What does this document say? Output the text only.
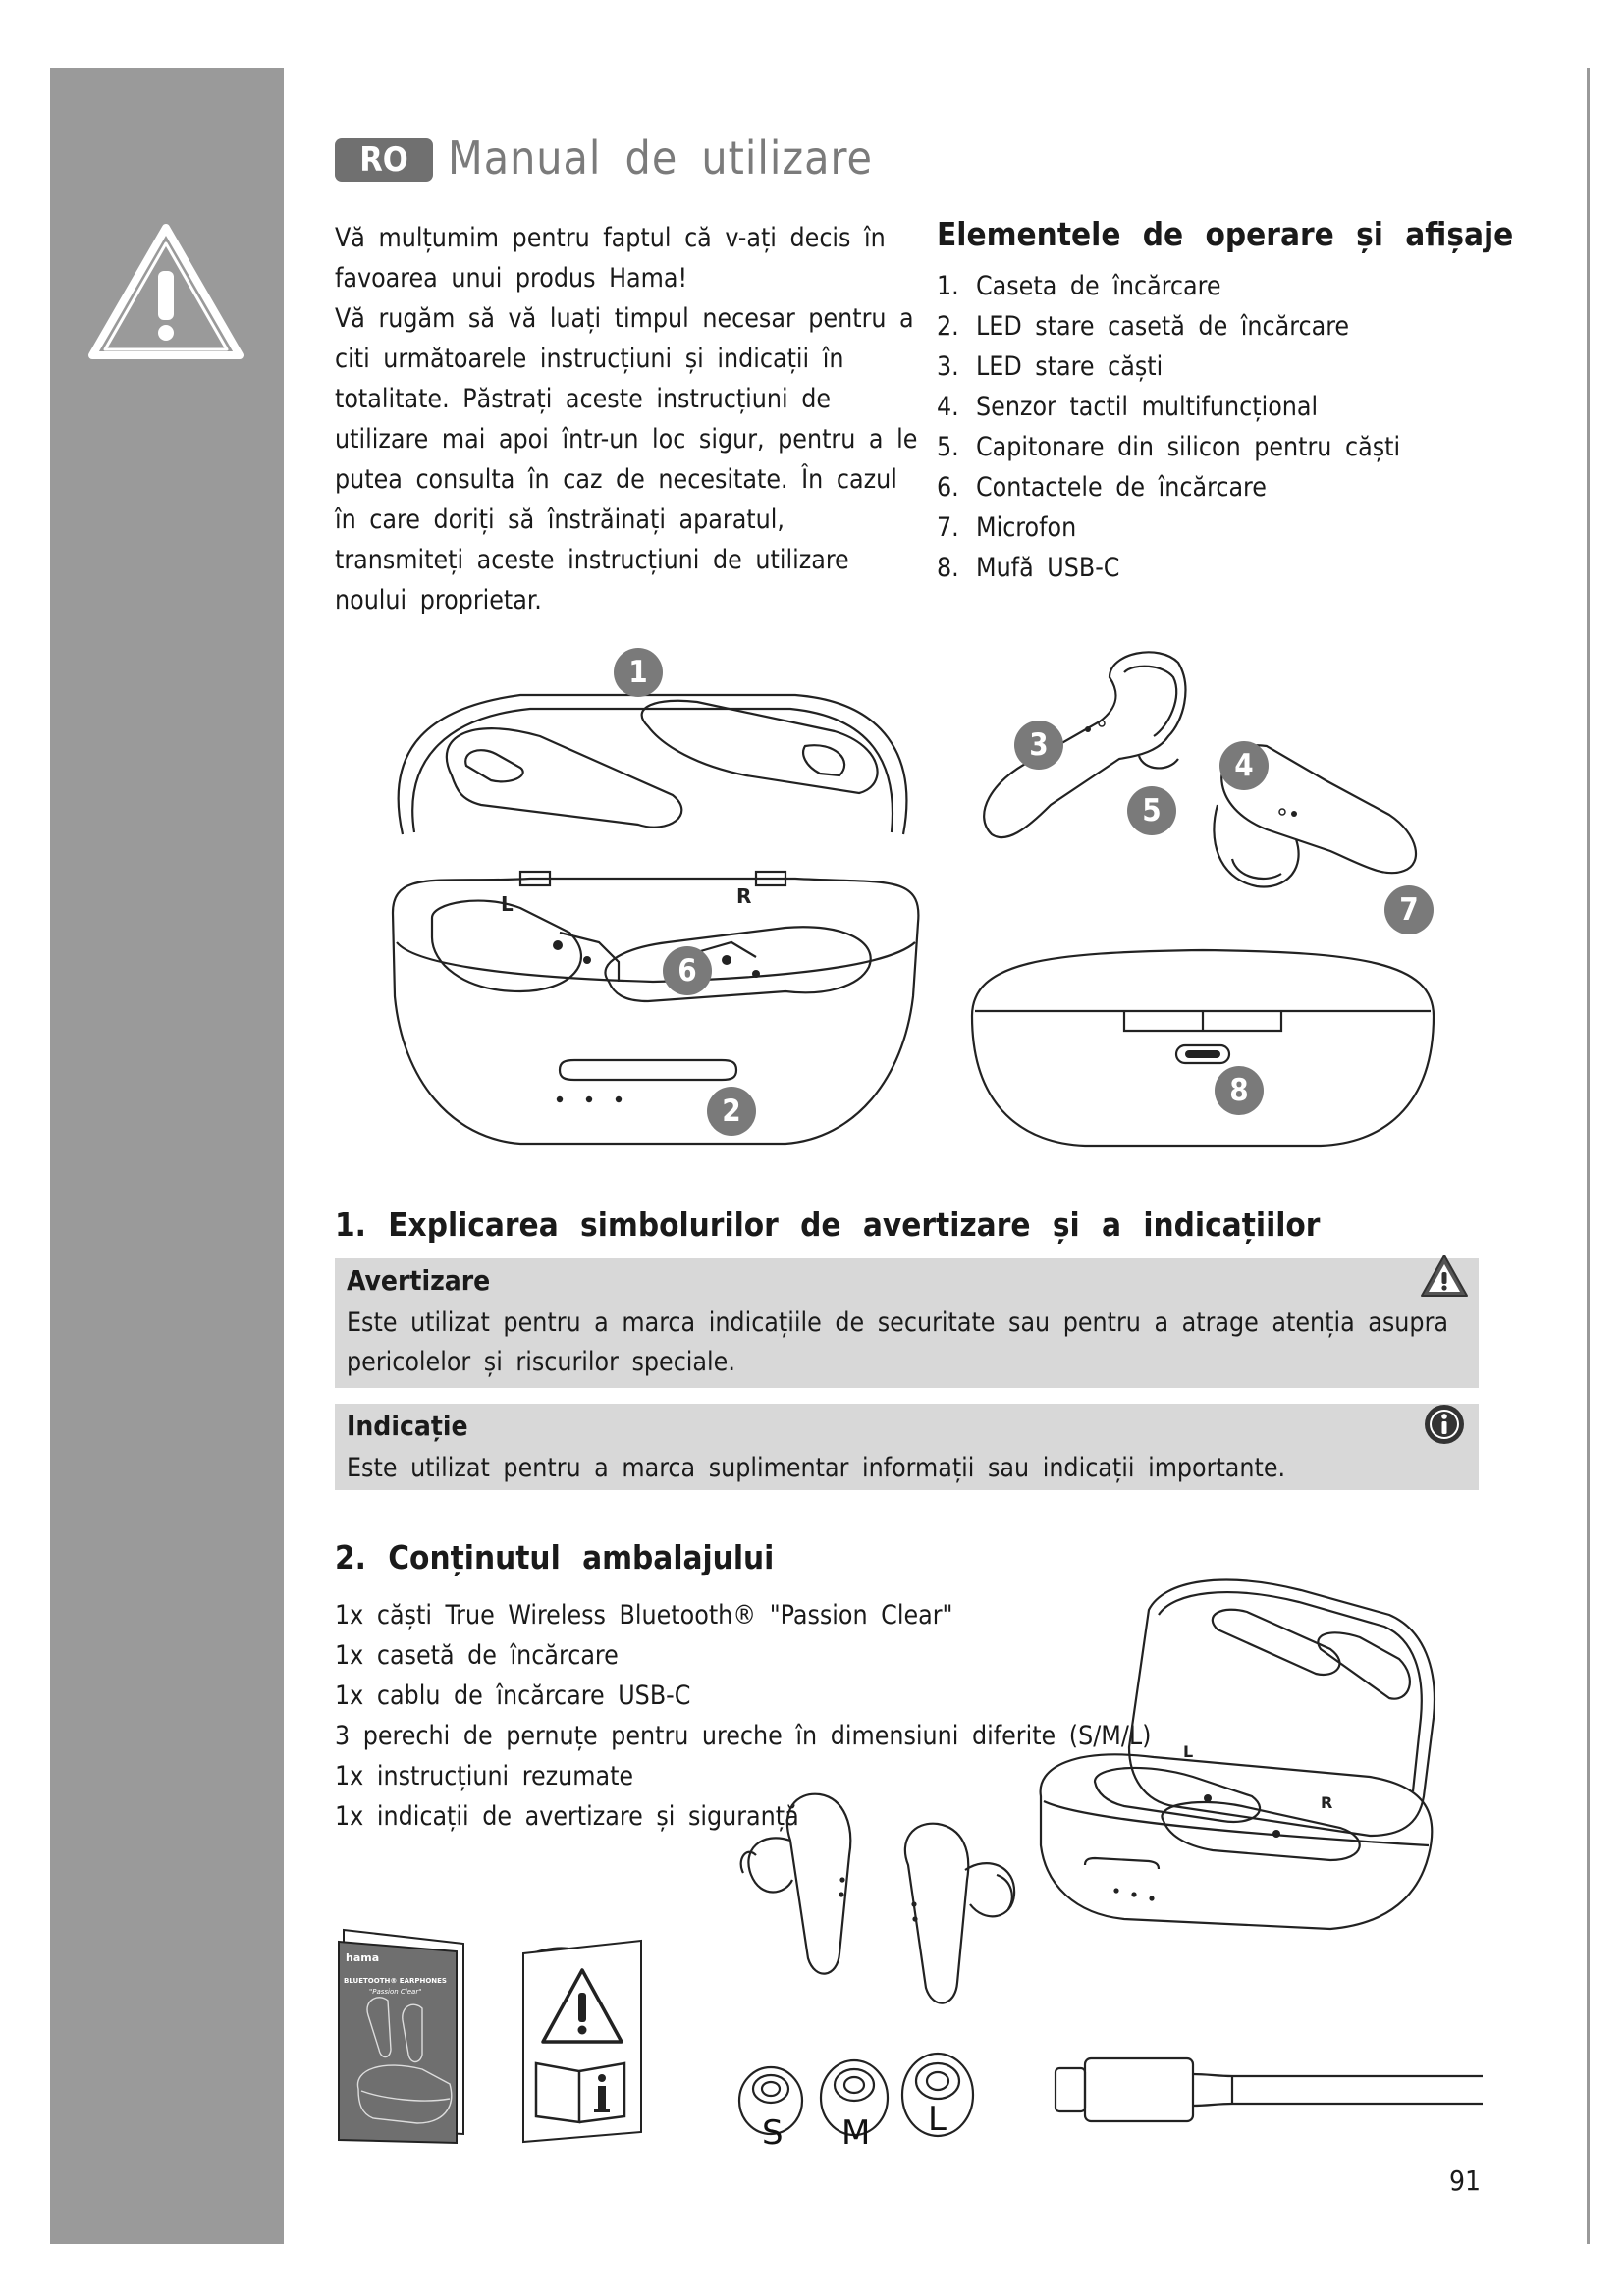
RO Manual de utilizare

Vă mulțumim pentru faptul că v-ați decis în favoarea unui produs Hama!

Vă rugăm să vă luați timpul necesar pentru a citi următoarele instrucțiuni și indicații în totalitate. Păstrați aceste instrucțiuni de utilizare mai apoi într-un loc sigur, pentru a le putea consulta în caz de necesitate. În cazul în care doriți să înstrăinați aparatul, transmiteți aceste instrucțiuni de utilizare noului proprietar.

Elementele de operare și afișaje
1. Caseta de încărcare
2. LED stare casetă de încărcare
3. LED stare căști
4. Senzor tactil multifuncțional
5. Capitonare din silicon pentru căști
6. Contactele de încărcare
7. Microfon
8. Mufă USB-C
L	R
1
6
2
3
5
4
7
8
1. Explicarea simbolurilor de avertizare și a indicațiilor
Avertizare
Este utilizat pentru a marca indicațiile de securitate sau pentru a atrage atenția asupra pericolelor și riscurilor speciale.
Indicație
Este utilizat pentru a marca suplimentar informații sau indicații importante.
2. Conținutul ambalajului
1x căști True Wireless Bluetooth® "Passion Clear"
1x casetă de încărcare
1x cablu de încărcare USB-C
3 perechi de pernuțe pentru ureche în dimensiuni diferite (S/M/L)
1x instrucțiuni rezumate
1x indicații de avertizare și siguranță
L
R
S M L
hama
BLUETOOTH® EARPHONES
"Passion Clear"
91
